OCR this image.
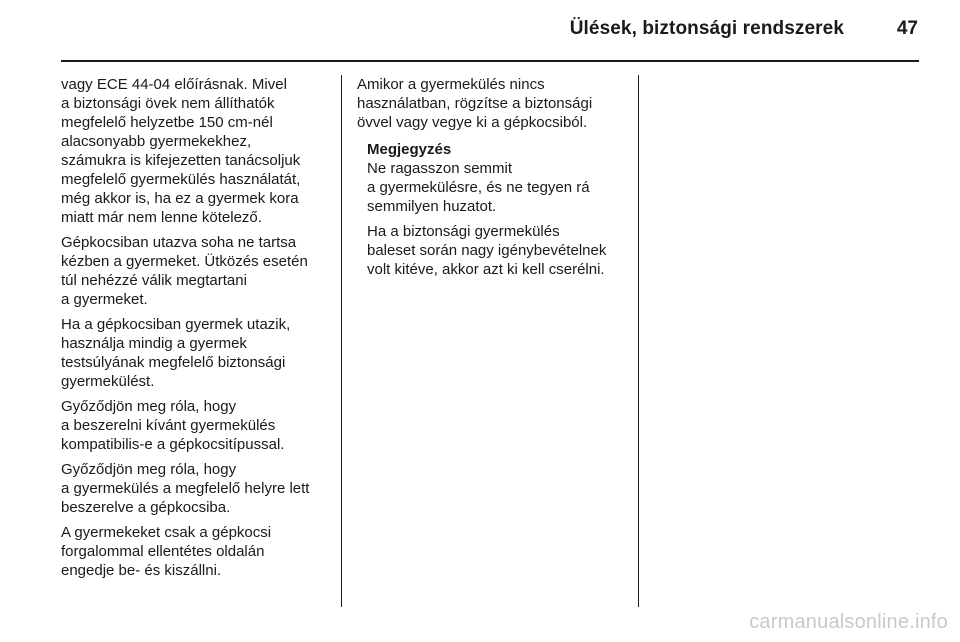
Ülések, biztonsági rendszerek	47

vagy ECE 44-04 előírásnak. Mivel
a biztonsági övek nem állíthatók
megfelelő helyzetbe 150 cm-nél
alacsonyabb gyermekekhez,
számukra is kifejezetten tanácsoljuk
megfelelő gyermekülés használatát,
még akkor is, ha ez a gyermek kora
miatt már nem lenne kötelező.

Gépkocsiban utazva soha ne tartsa
kézben a gyermeket. Ütközés esetén
túl nehézzé válik megtartani
a gyermeket.

Ha a gépkocsiban gyermek utazik,
használja mindig a gyermek
testsúlyának megfelelő biztonsági
gyermekülést.

Győződjön meg róla, hogy
a beszerelni kívánt gyermekülés
kompatibilis-e a gépkocsitípussal.

Győződjön meg róla, hogy
a gyermekülés a megfelelő helyre lett
beszerelve a gépkocsiba.

A gyermekeket csak a gépkocsi
forgalommal ellentétes oldalán
engedje be- és kiszállni.

Amikor a gyermekülés nincs
használatban, rögzítse a biztonsági
övvel vagy vegye ki a gépkocsiból.

Megjegyzés

Ne ragasszon semmit
a gyermekülésre, és ne tegyen rá
semmilyen huzatot.

Ha a biztonsági gyermekülés
baleset során nagy igénybevételnek
volt kitéve, akkor azt ki kell cserélni.

carmanualsonline.info
